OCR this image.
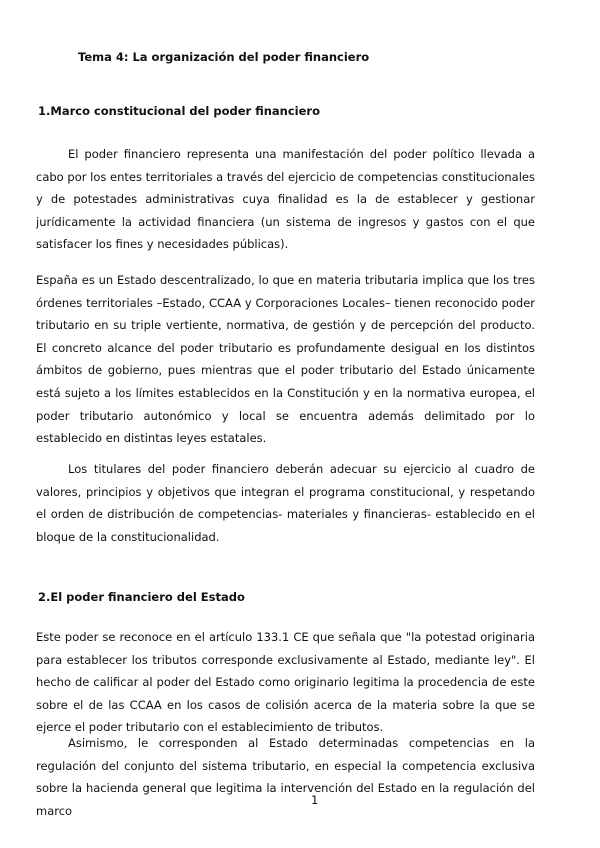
Tema 4: La organización del poder financiero
1.Marco constitucional del poder financiero

El poder financiero representa una manifestación del poder político llevada a cabo por los entes territoriales a través del ejercicio de competencias constitucionales y de potestades administrativas cuya finalidad es la de establecer y gestionar jurídicamente la actividad financiera (un sistema de ingresos y gastos con el que satisfacer los fines y necesidades públicas).

España es un Estado descentralizado, lo que en materia tributaria implica que los tres órdenes territoriales –Estado, CCAA y Corporaciones Locales– tienen reconocido poder tributario en su triple vertiente, normativa, de gestión y de percepción del producto. El concreto alcance del poder tributario es profundamente desigual en los distintos ámbitos de gobierno, pues mientras que el poder tributario del Estado únicamente está sujeto a los límites establecidos en la Constitución y en la normativa europea, el poder tributario autonómico y local se encuentra además delimitado por lo establecido en distintas leyes estatales.

Los titulares del poder financiero deberán adecuar su ejercicio al cuadro de valores, principios y objetivos que integran el programa constitucional, y respetando el orden de distribución de competencias- materiales y financieras- establecido en el bloque de la constitucionalidad.

2.El poder financiero del Estado

Este poder se reconoce en el artículo 133.1 CE que señala que "la potestad originaria para establecer los tributos corresponde exclusivamente al Estado, mediante ley". El hecho de calificar al poder del Estado como originario legitima la procedencia de este sobre el de las CCAA en los casos de colisión acerca de la materia sobre la que se ejerce el poder tributario con el establecimiento de tributos.

Asimismo, le corresponden al Estado determinadas competencias en la regulación del conjunto del sistema tributario, en especial la competencia exclusiva sobre la hacienda general que legitima la intervención del Estado en la regulación del marco

1
